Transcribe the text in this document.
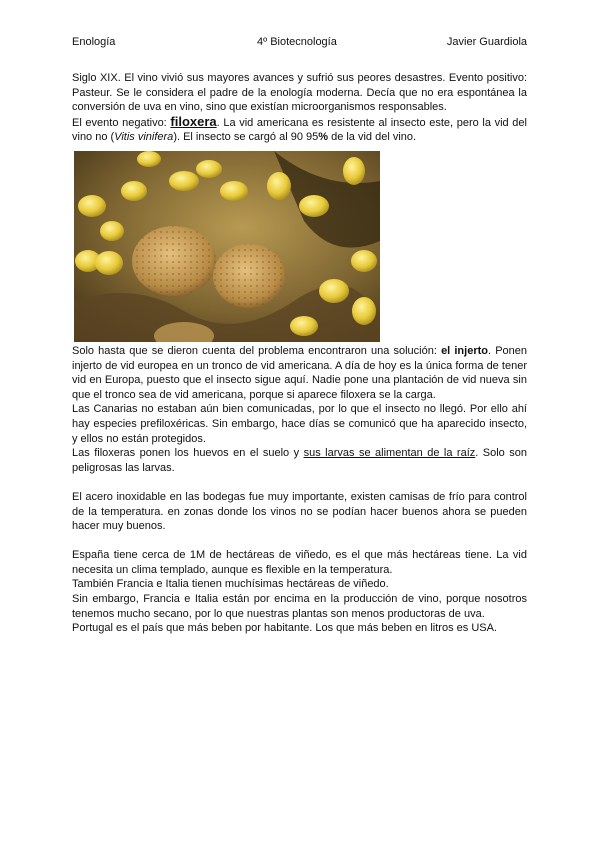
Enología	4º Biotecnología	Javier Guardiola

Siglo XIX. El vino vivió sus mayores avances y sufrió sus peores desastres. Evento positivo: Pasteur. Se le considera el padre de la enología moderna. Decía que no era espontánea la conversión de uva en vino, sino que existían microorganismos responsables.

El evento negativo: filoxera. La vid americana es resistente al insecto este, pero la vid del vino no (Vitis vinifera). El insecto se cargó al 90 95% de la vid del vino.

Solo hasta que se dieron cuenta del problema encontraron una solución: el injerto. Ponen injerto de vid europea en un tronco de vid americana. A día de hoy es la única forma de tener vid en Europa, puesto que el insecto sigue aquí. Nadie pone una plantación de vid nueva sin que el tronco sea de vid americana, porque si aparece filoxera se la carga.

Las Canarias no estaban aún bien comunicadas, por lo que el insecto no llegó. Por ello ahí hay especies prefiloxéricas. Sin embargo, hace días se comunicó que ha aparecido insecto, y ellos no están protegidos.

Las filoxeras ponen los huevos en el suelo y sus larvas se alimentan de la raíz. Solo son peligrosas las larvas.

El acero inoxidable en las bodegas fue muy importante, existen camisas de frío para control de la temperatura. en zonas donde los vinos no se podían hacer buenos ahora se pueden hacer muy buenos.

España tiene cerca de 1M de hectáreas de viñedo, es el que más hectáreas tiene. La vid necesita un clima templado, aunque es flexible en la temperatura.

También Francia e Italia tienen muchísimas hectáreas de viñedo.

Sin embargo, Francia e Italia están por encima en la producción de vino, porque nosotros tenemos mucho secano, por lo que nuestras plantas son menos productoras de uva.

Portugal es el país que más beben por habitante. Los que más beben en litros es USA.
